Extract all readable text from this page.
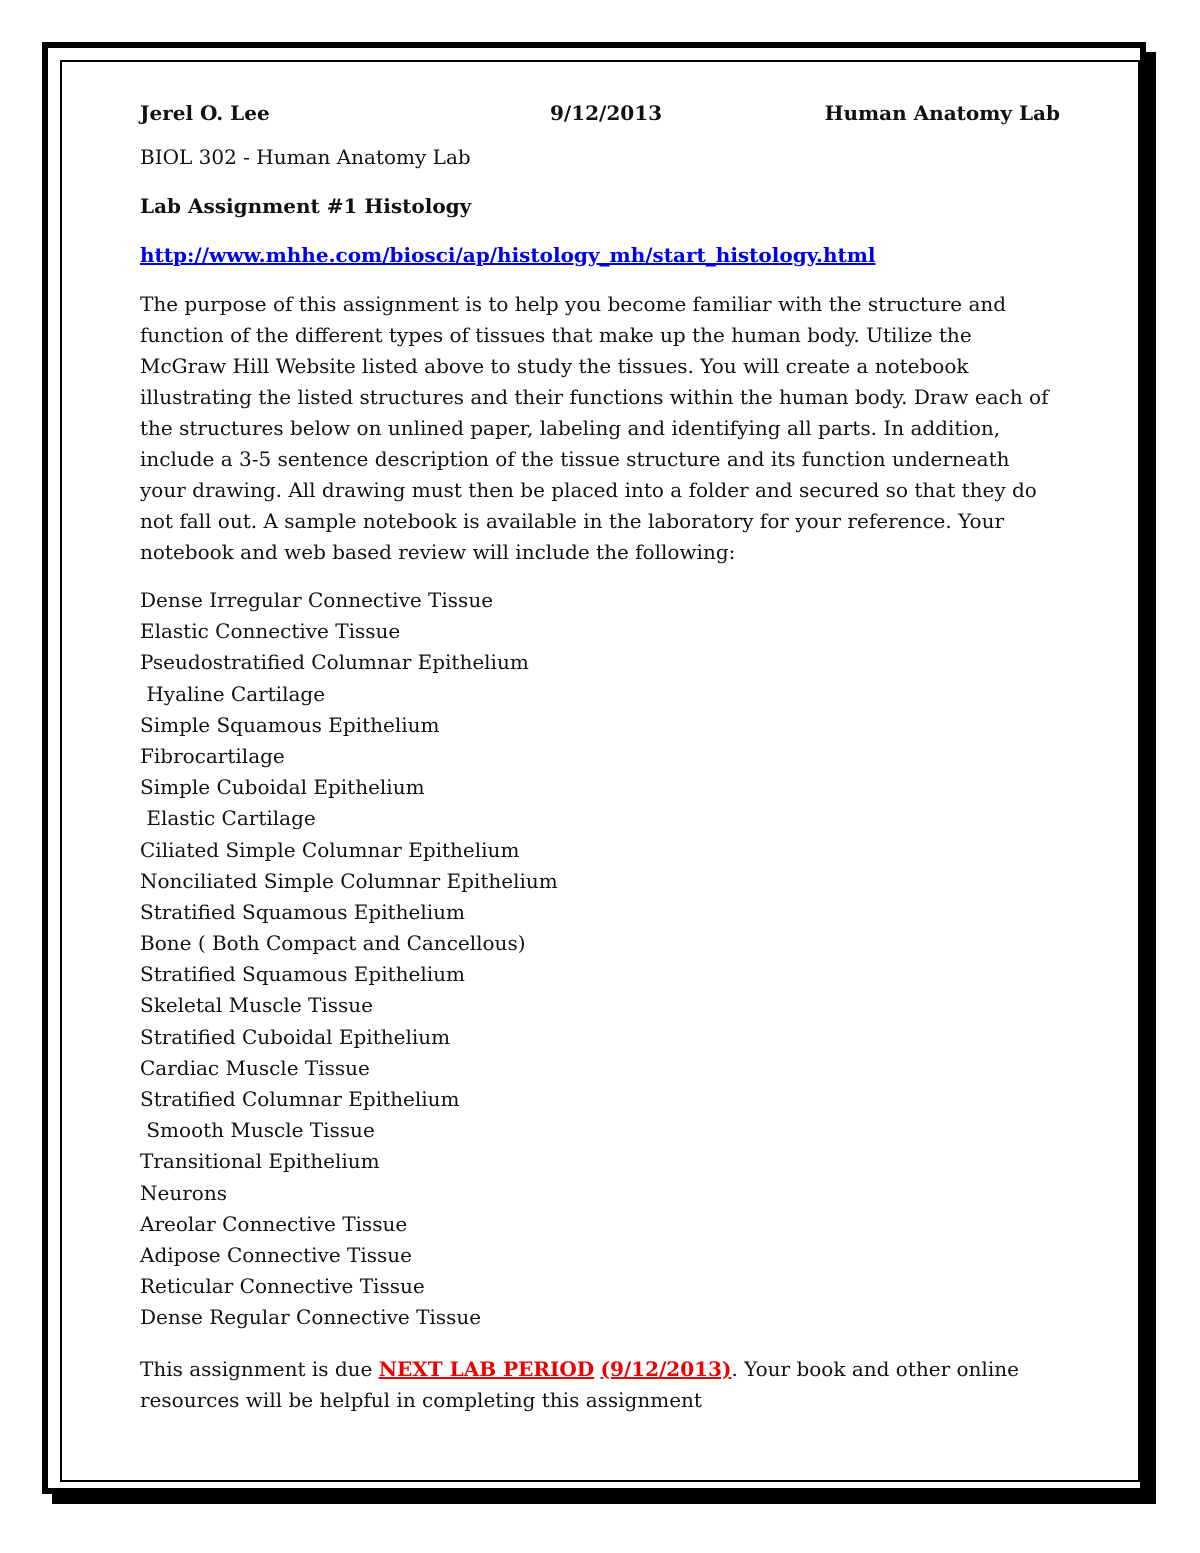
Jerel O. Lee	9/12/2013	Human Anatomy Lab
BIOL 302 - Human Anatomy Lab
Lab Assignment #1 Histology
http://www.mhhe.com/biosci/ap/histology_mh/start_histology.html
The purpose of this assignment is to help you become familiar with the structure and function of the different types of tissues that make up the human body. Utilize the McGraw Hill Website listed above to study the tissues. You will create a notebook illustrating the listed structures and their functions within the human body. Draw each of the structures below on unlined paper, labeling and identifying all parts. In addition, include a 3-5 sentence description of the tissue structure and its function underneath your drawing. All drawing must then be placed into a folder and secured so that they do not fall out. A sample notebook is available in the laboratory for your reference. Your notebook and web based review will include the following:
Dense Irregular Connective Tissue
Elastic Connective Tissue
Pseudostratified Columnar Epithelium
Hyaline Cartilage
Simple Squamous Epithelium
Fibrocartilage
Simple Cuboidal Epithelium
Elastic Cartilage
Ciliated Simple Columnar Epithelium
Nonciliated Simple Columnar Epithelium
Stratified Squamous Epithelium
Bone ( Both Compact and Cancellous)
Stratified Squamous Epithelium
Skeletal Muscle Tissue
Stratified Cuboidal Epithelium
Cardiac Muscle Tissue
Stratified Columnar Epithelium
Smooth Muscle Tissue
Transitional Epithelium
Neurons
Areolar Connective Tissue
Adipose Connective Tissue
Reticular Connective Tissue
Dense Regular Connective Tissue
This assignment is due NEXT LAB PERIOD (9/12/2013). Your book and other online resources will be helpful in completing this assignment
